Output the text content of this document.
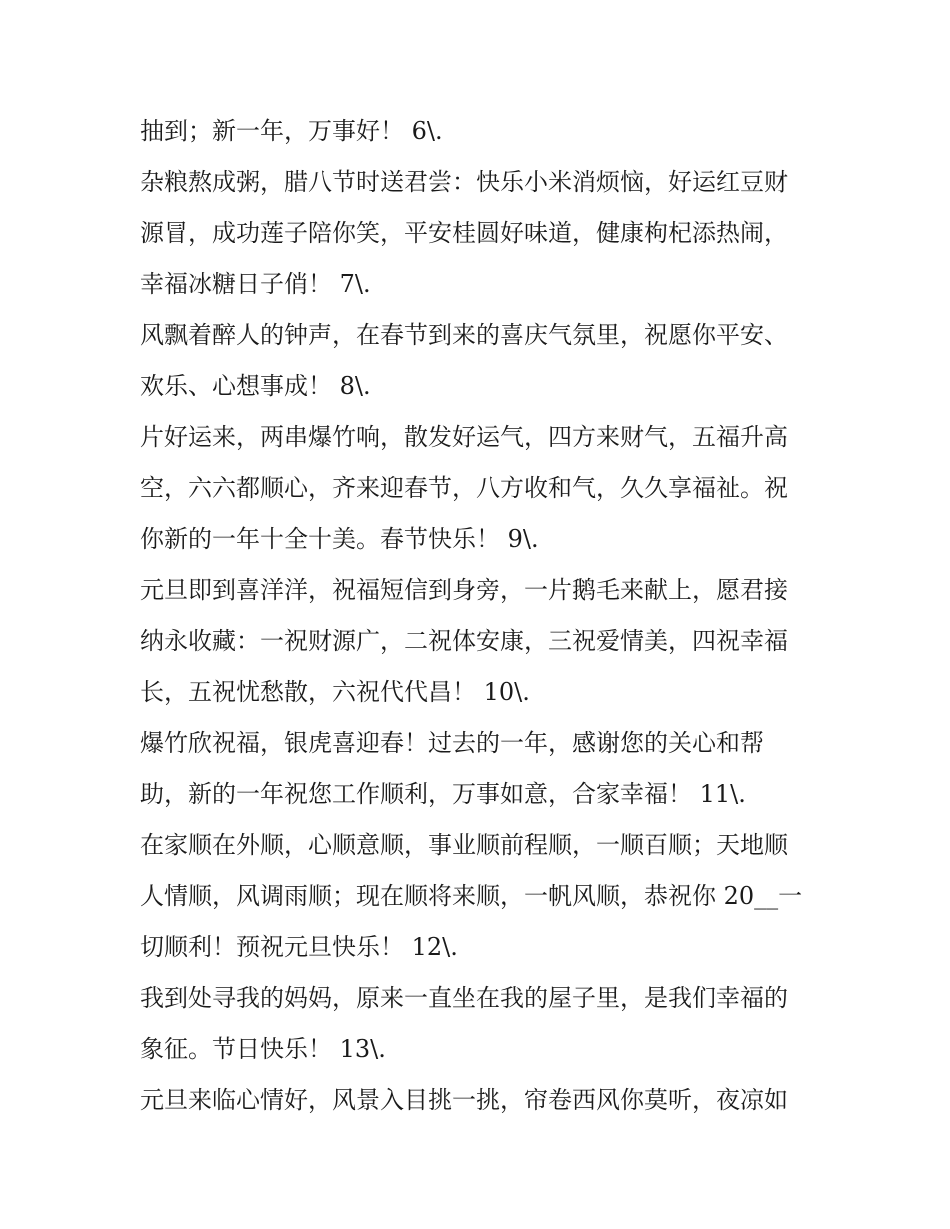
抽到；新一年，万事好！ 6\.
杂粮熬成粥，腊八节时送君尝：快乐小米消烦恼，好运红豆财
源冒，成功莲子陪你笑，平安桂圆好味道，健康枸杞添热闹，
幸福冰糖日子俏！ 7\.
风飘着醉人的钟声，在春节到来的喜庆气氛里，祝愿你平安、
欢乐、心想事成！ 8\.
片好运来，两串爆竹响，散发好运气，四方来财气，五福升高
空，六六都顺心，齐来迎春节，八方收和气，久久享福祉。祝
你新的一年十全十美。春节快乐！ 9\.
元旦即到喜洋洋，祝福短信到身旁，一片鹅毛来献上，愿君接
纳永收藏：一祝财源广，二祝体安康，三祝爱情美，四祝幸福
长，五祝忧愁散，六祝代代昌！ 10\.
爆竹欣祝福，银虎喜迎春！过去的一年，感谢您的关心和帮
助，新的一年祝您工作顺利，万事如意，合家幸福！ 11\.
在家顺在外顺，心顺意顺，事业顺前程顺，一顺百顺；天地顺
人情顺，风调雨顺；现在顺将来顺，一帆风顺，恭祝你 20__一
切顺利！预祝元旦快乐！ 12\.
我到处寻我的妈妈，原来一直坐在我的屋子里，是我们幸福的
象征。节日快乐！ 13\.
元旦来临心情好，风景入目挑一挑，帘卷西风你莫听，夜凉如
